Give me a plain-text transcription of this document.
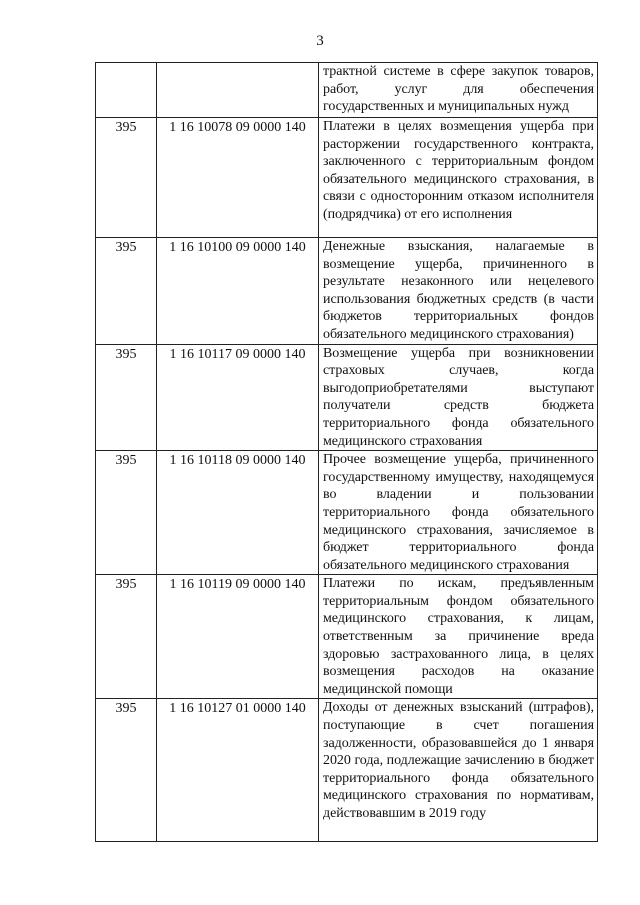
3

		трактной системе в сфере закупок товаров, работ, услуг для обеспечения государственных и муниципальных нужд

395	1 16 10078 09 0000 140	Платежи в целях возмещения ущерба при расторжении государственного контракта, заключенного с территориальным фондом обязательного медицинского страхования, в связи с односторонним отказом исполнителя (подрядчика) от его исполнения

395	1 16 10100 09 0000 140	Денежные взыскания, налагаемые в возмещение ущерба, причиненного в результате незаконного или нецелевого использования бюджетных средств (в части бюджетов территориальных фондов обязательного медицинского страхования)

395	1 16 10117 09 0000 140	Возмещение ущерба при возникновении страховых случаев, когда выгодоприобретателями выступают получатели средств бюджета территориального фонда обязательного медицинского страхования

395	1 16 10118 09 0000 140	Прочее возмещение ущерба, причиненного государственному имуществу, находящемуся во владении и пользовании территориального фонда обязательного медицинского страхования, зачисляемое в бюджет территориального фонда обязательного медицинского страхования

395	1 16 10119 09 0000 140	Платежи по искам, предъявленным территориальным фондом обязательного медицинского страхования, к лицам, ответственным за причинение вреда здоровью застрахованного лица, в целях возмещения расходов на оказание медицинской помощи

395	1 16 10127 01 0000 140	Доходы от денежных взысканий (штрафов), поступающие в счет погашения задолженности, образовавшейся до 1 января 2020 года, подлежащие зачислению в бюджет территориального фонда обязательного медицинского страхования по нормативам, действовавшим в 2019 году
